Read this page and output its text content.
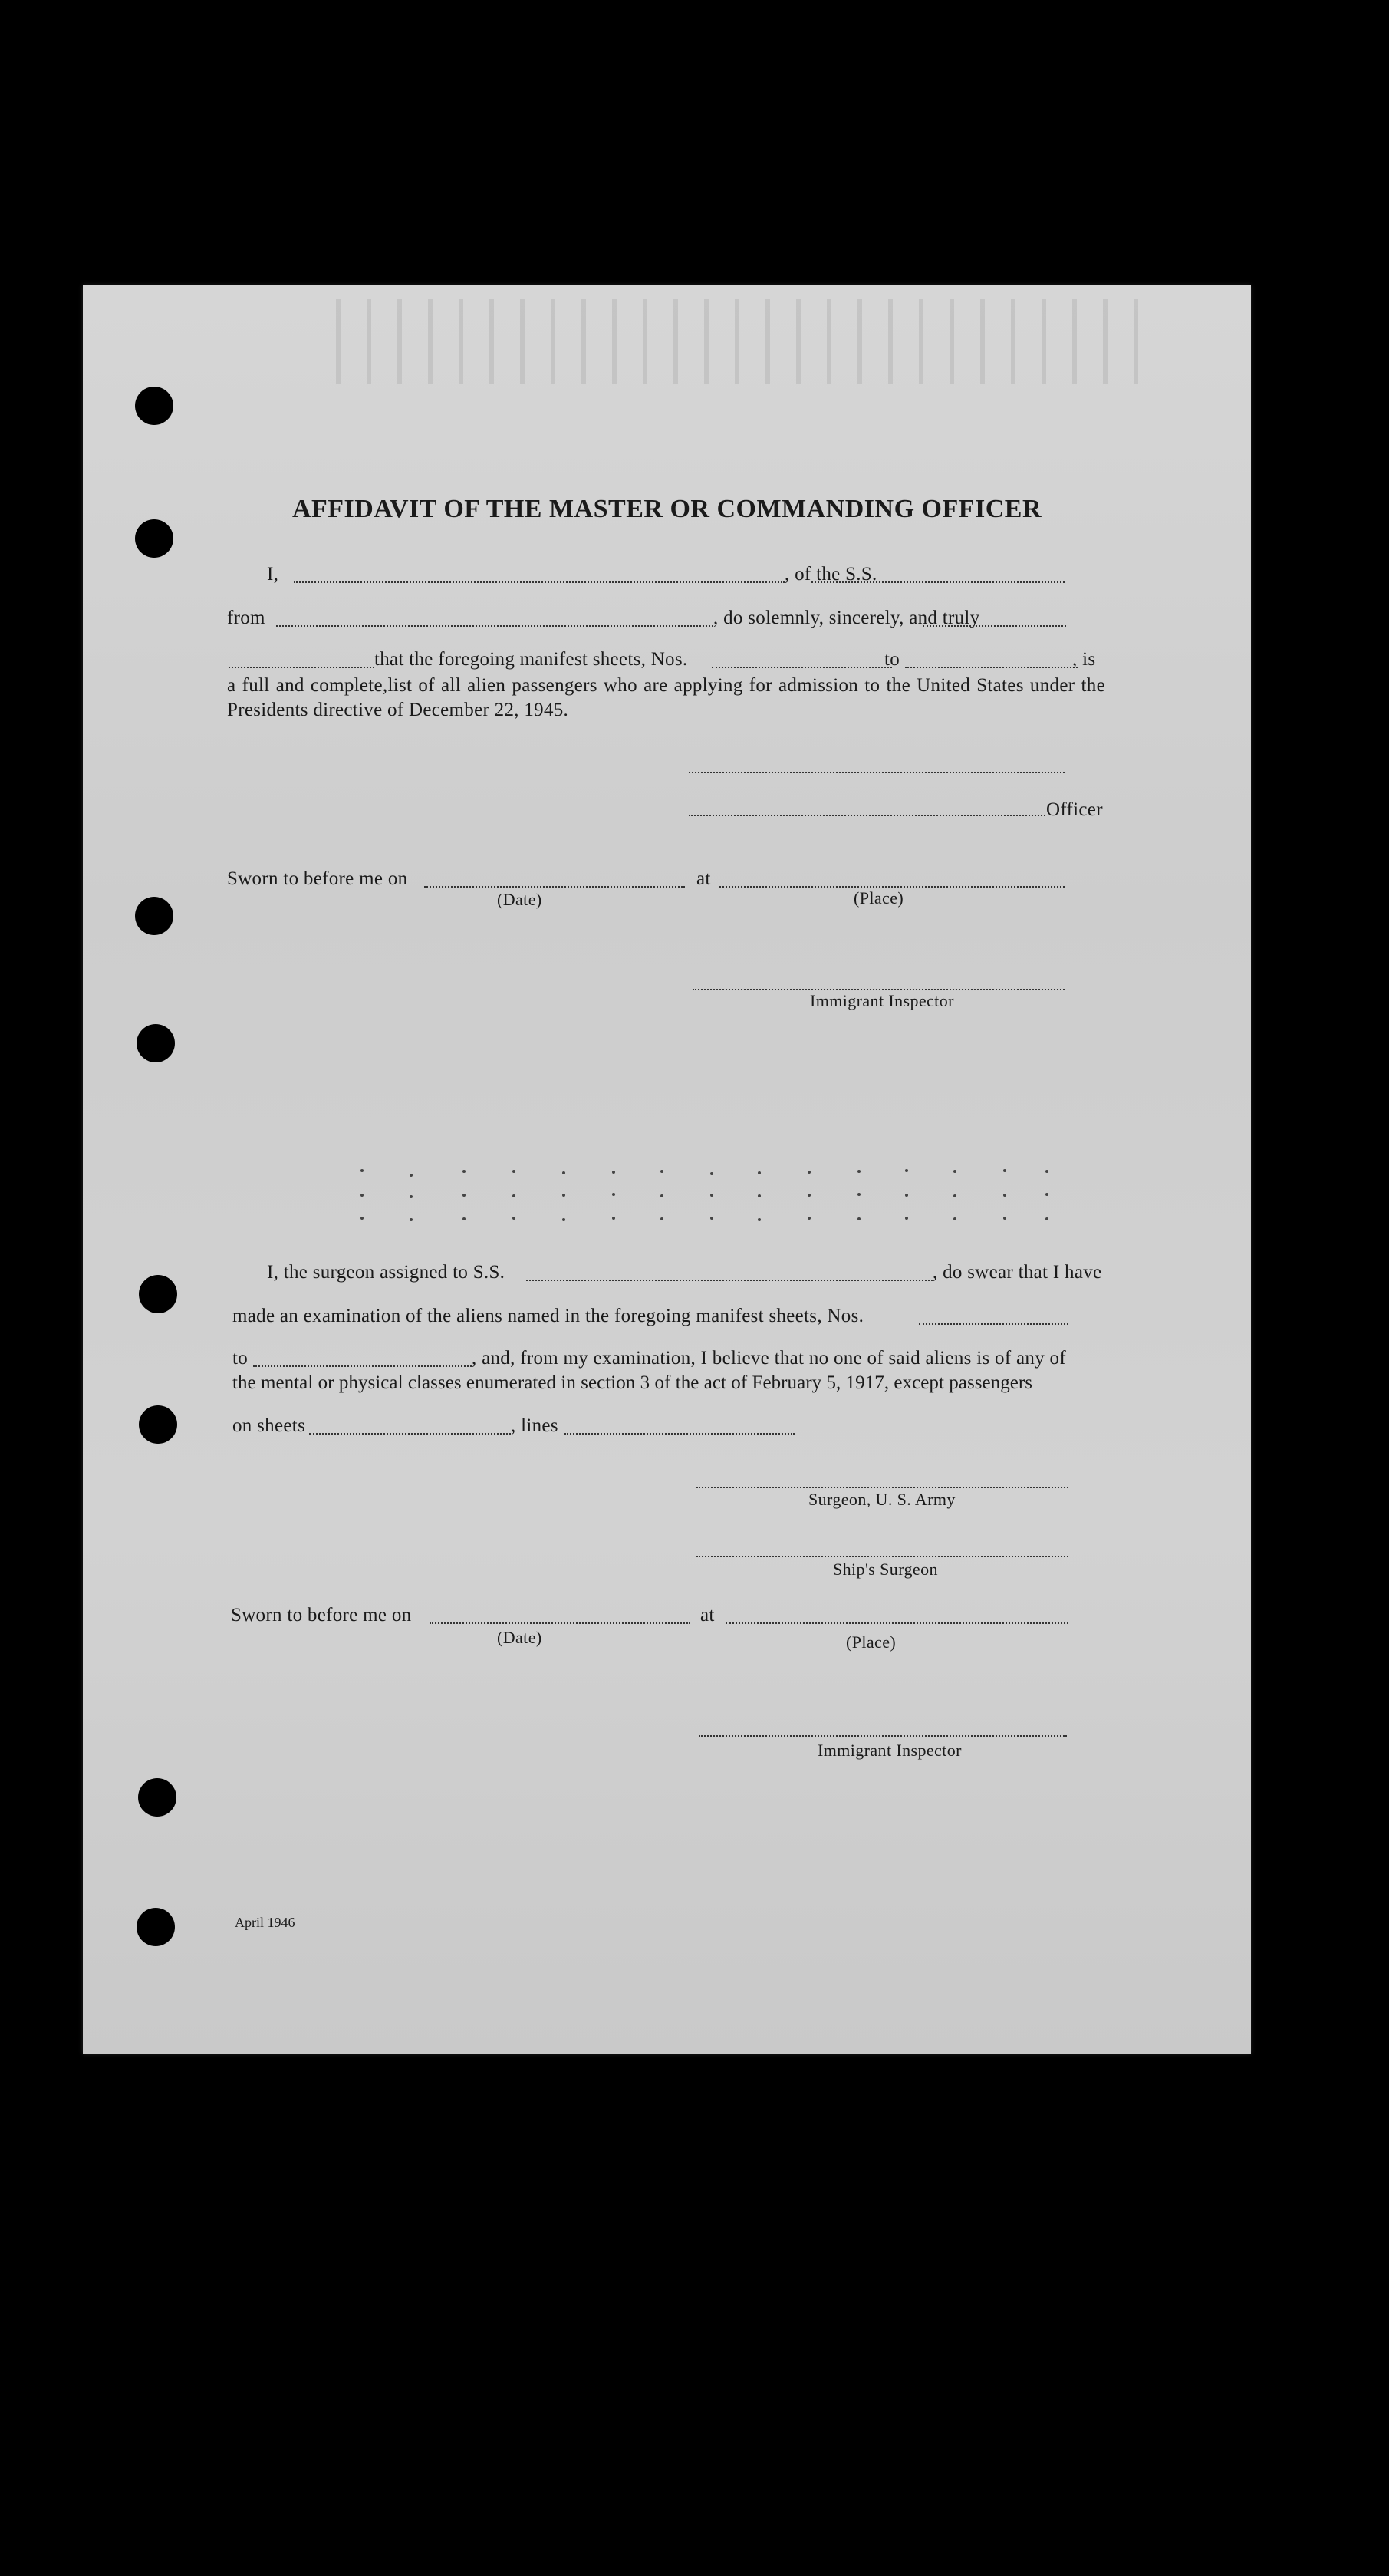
AFFIDAVIT OF THE MASTER OR COMMANDING OFFICER
I,	, of the S.S.
from	, do solemnly, sincerely, and truly
that the foregoing manifest sheets, Nos.	to	, is
a full and complete,list of all alien passengers who are applying for admission to the United States under the Presidents directive of December 22, 1945.
Officer
Sworn to before me on	at
(Date)	(Place)
Immigrant Inspector
I, the surgeon assigned to S.S.	, do swear that I have
made an examination of the aliens named in the foregoing manifest sheets, Nos.
to	, and, from my examination, I believe that no one of said aliens is of any of
the mental or physical classes enumerated in section 3 of the act of February 5, 1917, except passengers
on sheets	, lines
Surgeon, U. S. Army
Ship's Surgeon
Sworn to before me on	at
(Date)	(Place)
Immigrant Inspector
April 1946
